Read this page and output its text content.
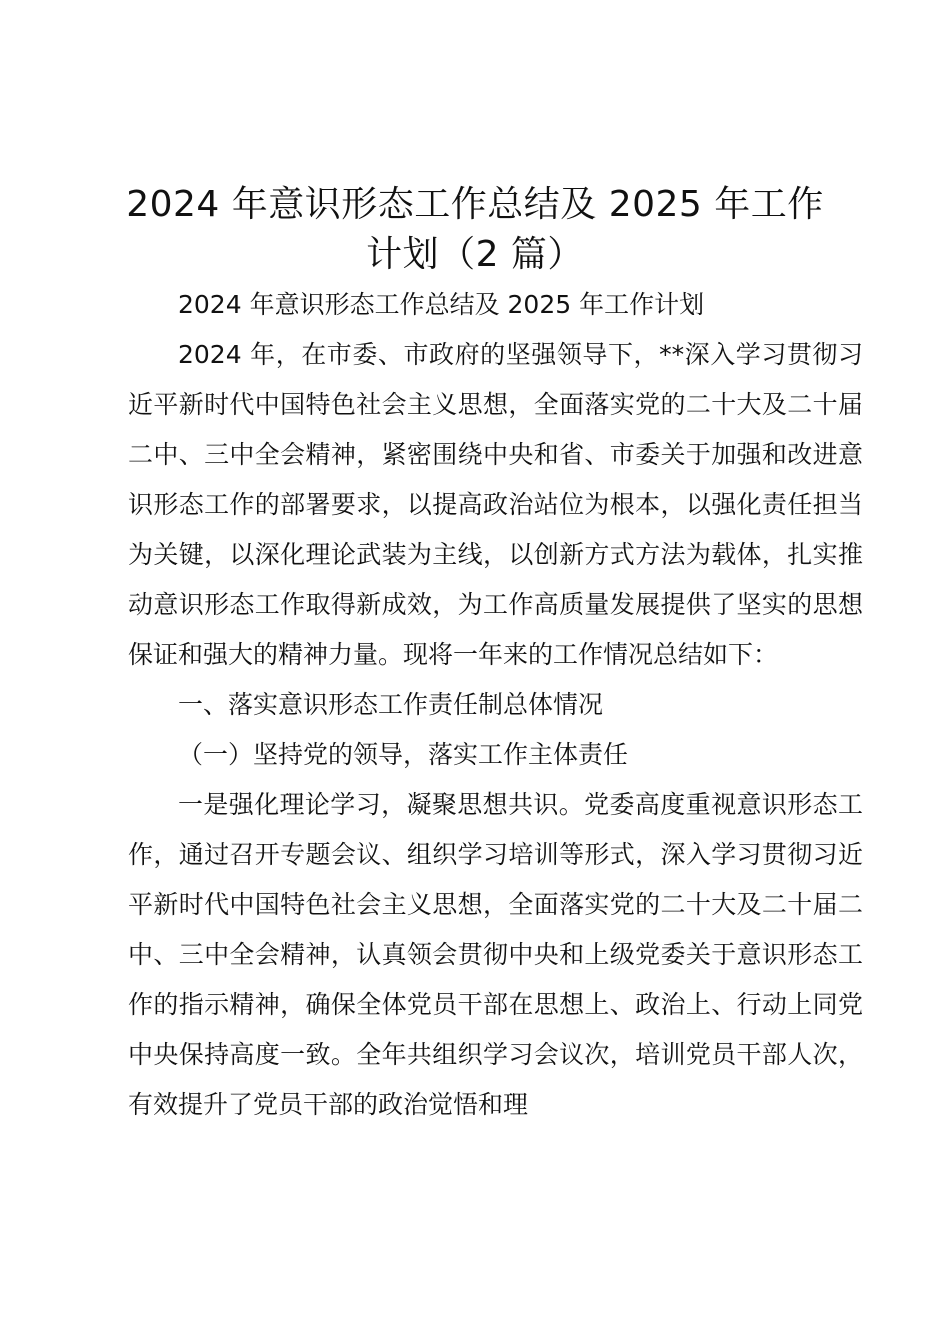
2024 年意识形态工作总结及 2025 年工作计划（2 篇）

2024 年意识形态工作总结及 2025 年工作计划

2024 年，在市委、市政府的坚强领导下，**深入学习贯彻习近平新时代中国特色社会主义思想，全面落实党的二十大及二十届二中、三中全会精神，紧密围绕中央和省、市委关于加强和改进意识形态工作的部署要求，以提高政治站位为根本，以强化责任担当为关键，以深化理论武装为主线，以创新方式方法为载体，扎实推动意识形态工作取得新成效，为工作高质量发展提供了坚实的思想保证和强大的精神力量。现将一年来的工作情况总结如下：

一、落实意识形态工作责任制总体情况

（一）坚持党的领导，落实工作主体责任

一是强化理论学习，凝聚思想共识。党委高度重视意识形态工作，通过召开专题会议、组织学习培训等形式，深入学习贯彻习近平新时代中国特色社会主义思想，全面落实党的二十大及二十届二中、三中全会精神，认真领会贯彻中央和上级党委关于意识形态工作的指示精神，确保全体党员干部在思想上、政治上、行动上同党中央保持高度一致。全年共组织学习会议次，培训党员干部人次，有效提升了党员干部的政治觉悟和理
